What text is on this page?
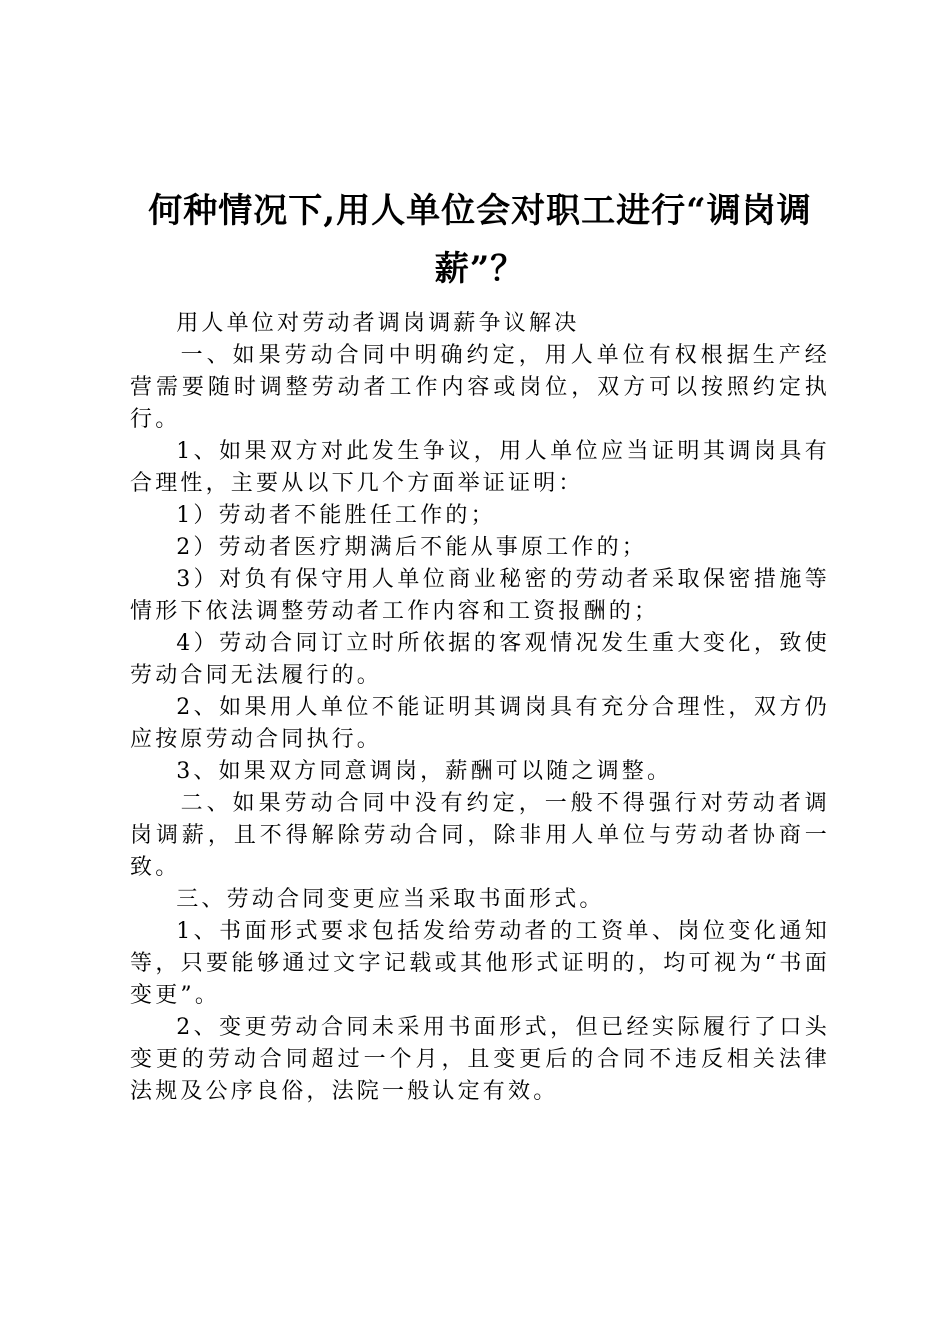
何种情况下,用人单位会对职工进行“调岗调薪”？

用人单位对劳动者调岗调薪争议解决

一、如果劳动合同中明确约定，用人单位有权根据生产经营需要随时调整劳动者工作内容或岗位，双方可以按照约定执行。

1、如果双方对此发生争议，用人单位应当证明其调岗具有合理性，主要从以下几个方面举证证明：

1）劳动者不能胜任工作的；

2）劳动者医疗期满后不能从事原工作的；

3）对负有保守用人单位商业秘密的劳动者采取保密措施等情形下依法调整劳动者工作内容和工资报酬的；

4）劳动合同订立时所依据的客观情况发生重大变化，致使劳动合同无法履行的。

2、如果用人单位不能证明其调岗具有充分合理性，双方仍应按原劳动合同执行。

3、如果双方同意调岗，薪酬可以随之调整。

二、如果劳动合同中没有约定，一般不得强行对劳动者调岗调薪，且不得解除劳动合同，除非用人单位与劳动者协商一致。

三、劳动合同变更应当采取书面形式。

1、书面形式要求包括发给劳动者的工资单、岗位变化通知等，只要能够通过文字记载或其他形式证明的，均可视为“书面变更”。

2、变更劳动合同未采用书面形式，但已经实际履行了口头变更的劳动合同超过一个月，且变更后的合同不违反相关法律法规及公序良俗，法院一般认定有效。
